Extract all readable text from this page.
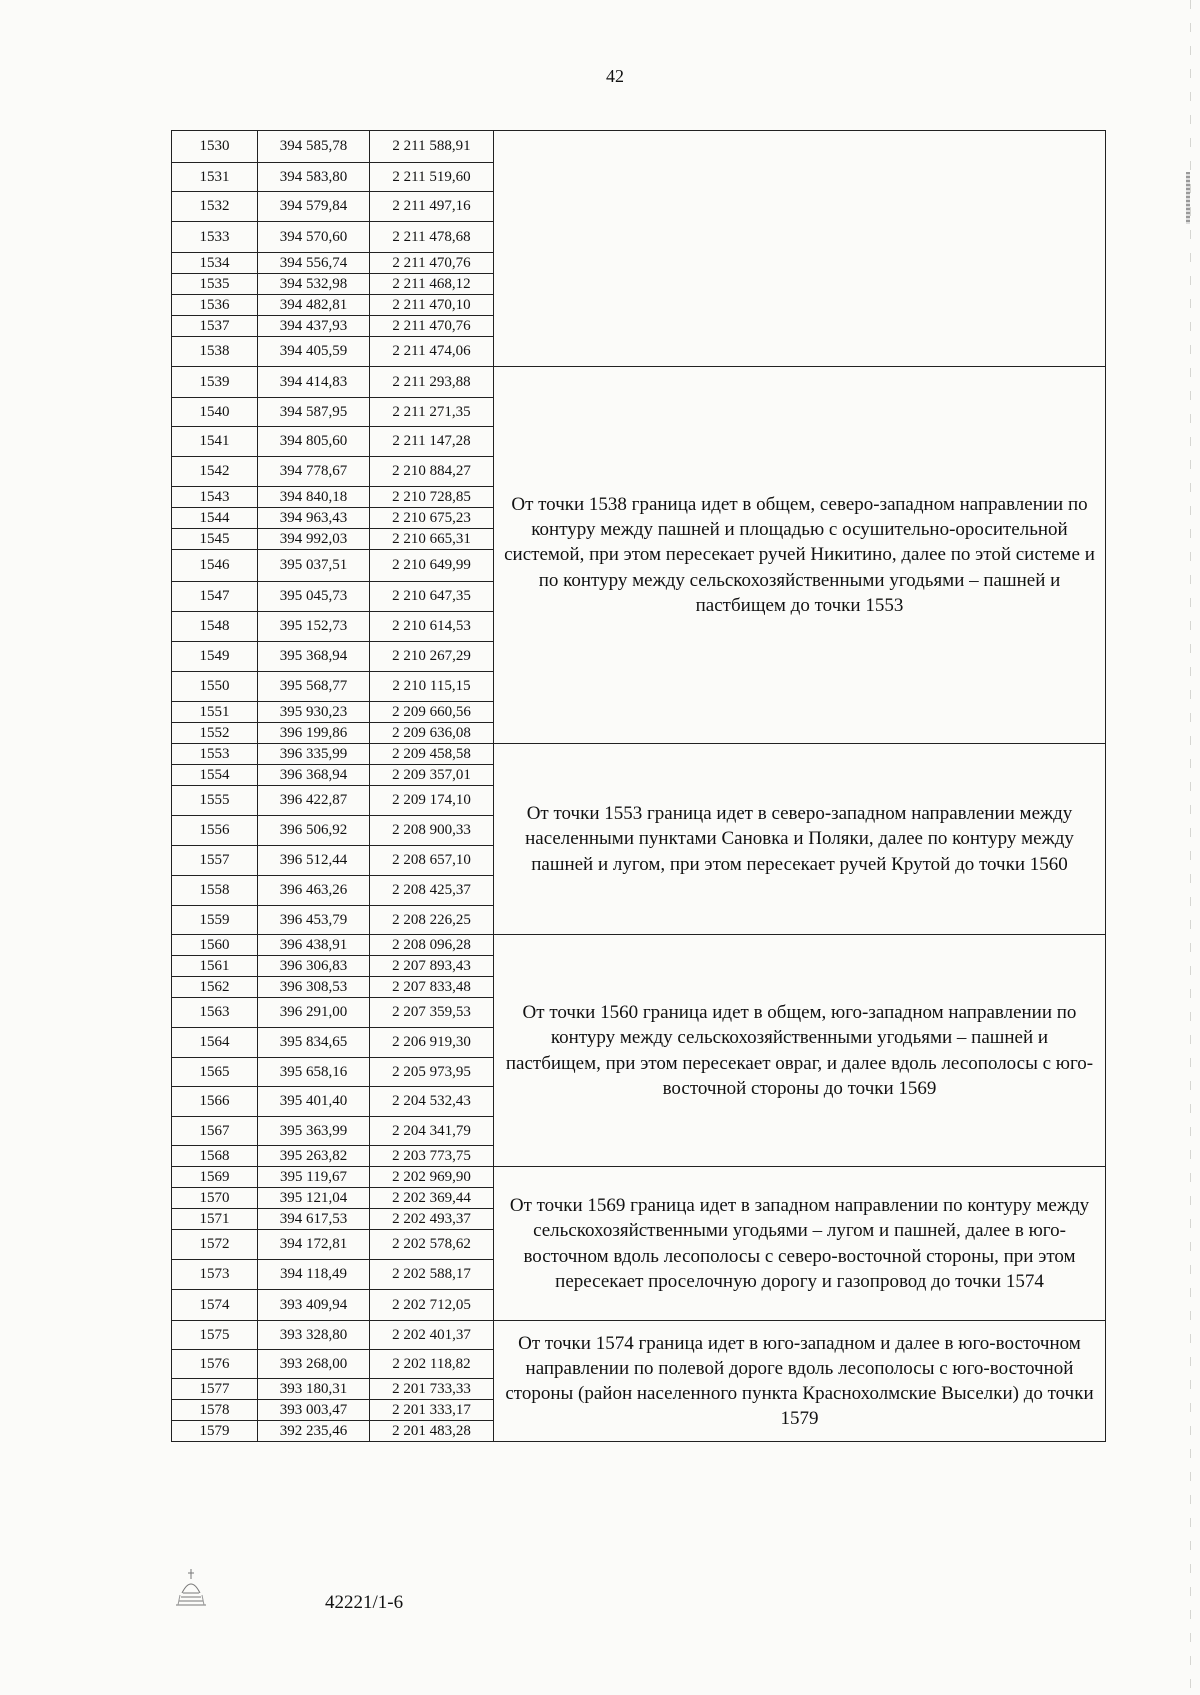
42
1530	394 585,78	2 211 588,91	
1531	394 583,80	2 211 519,60	
1532	394 579,84	2 211 497,16	
1533	394 570,60	2 211 478,68	
1534	394 556,74	2 211 470,76	
1535	394 532,98	2 211 468,12	
1536	394 482,81	2 211 470,10	
1537	394 437,93	2 211 470,76	
1538	394 405,59	2 211 474,06	
1539	394 414,83	2 211 293,88	От точки 1538 граница идет в общем, северо-западном направлении по контуру между пашней и площадью с осушительно-оросительной системой, при этом пересекает ручей Никитино, далее по этой системе и по контуру между сельскохозяйственными угодьями – пашней и пастбищем до точки 1553
1540	394 587,95	2 211 271,35	
1541	394 805,60	2 211 147,28	
1542	394 778,67	2 210 884,27	
1543	394 840,18	2 210 728,85	
1544	394 963,43	2 210 675,23	
1545	394 992,03	2 210 665,31	
1546	395 037,51	2 210 649,99	
1547	395 045,73	2 210 647,35	
1548	395 152,73	2 210 614,53	
1549	395 368,94	2 210 267,29	
1550	395 568,77	2 210 115,15	
1551	395 930,23	2 209 660,56	
1552	396 199,86	2 209 636,08	
1553	396 335,99	2 209 458,58	От точки 1553 граница идет в северо-западном направлении между населенными пунктами Сановка и Поляки, далее по контуру между пашней и лугом, при этом пересекает ручей Крутой до точки 1560
1554	396 368,94	2 209 357,01	
1555	396 422,87	2 209 174,10	
1556	396 506,92	2 208 900,33	
1557	396 512,44	2 208 657,10	
1558	396 463,26	2 208 425,37	
1559	396 453,79	2 208 226,25	
1560	396 438,91	2 208 096,28	От точки 1560 граница идет в общем, юго-западном направлении по контуру между сельскохозяйственными угодьями – пашней и пастбищем, при этом пересекает овраг, и далее вдоль лесополосы с юго-восточной стороны до точки 1569
1561	396 306,83	2 207 893,43	
1562	396 308,53	2 207 833,48	
1563	396 291,00	2 207 359,53	
1564	395 834,65	2 206 919,30	
1565	395 658,16	2 205 973,95	
1566	395 401,40	2 204 532,43	
1567	395 363,99	2 204 341,79	
1568	395 263,82	2 203 773,75	
1569	395 119,67	2 202 969,90	От точки 1569 граница идет в западном направлении по контуру между сельскохозяйственными угодьями – лугом и пашней, далее в юго-восточном вдоль лесополосы с северо-восточной стороны, при этом пересекает проселочную дорогу и газопровод до точки 1574
1570	395 121,04	2 202 369,44	
1571	394 617,53	2 202 493,37	
1572	394 172,81	2 202 578,62	
1573	394 118,49	2 202 588,17	
1574	393 409,94	2 202 712,05	
1575	393 328,80	2 202 401,37	От точки 1574 граница идет в юго-западном и далее в юго-восточном направлении по полевой дороге вдоль лесополосы с юго-восточной стороны (район населенного пункта Краснохолмские Выселки) до точки 1579
1576	393 268,00	2 202 118,82	
1577	393 180,31	2 201 733,33	
1578	393 003,47	2 201 333,17	
1579	392 235,46	2 201 483,28	
42221/1-6
